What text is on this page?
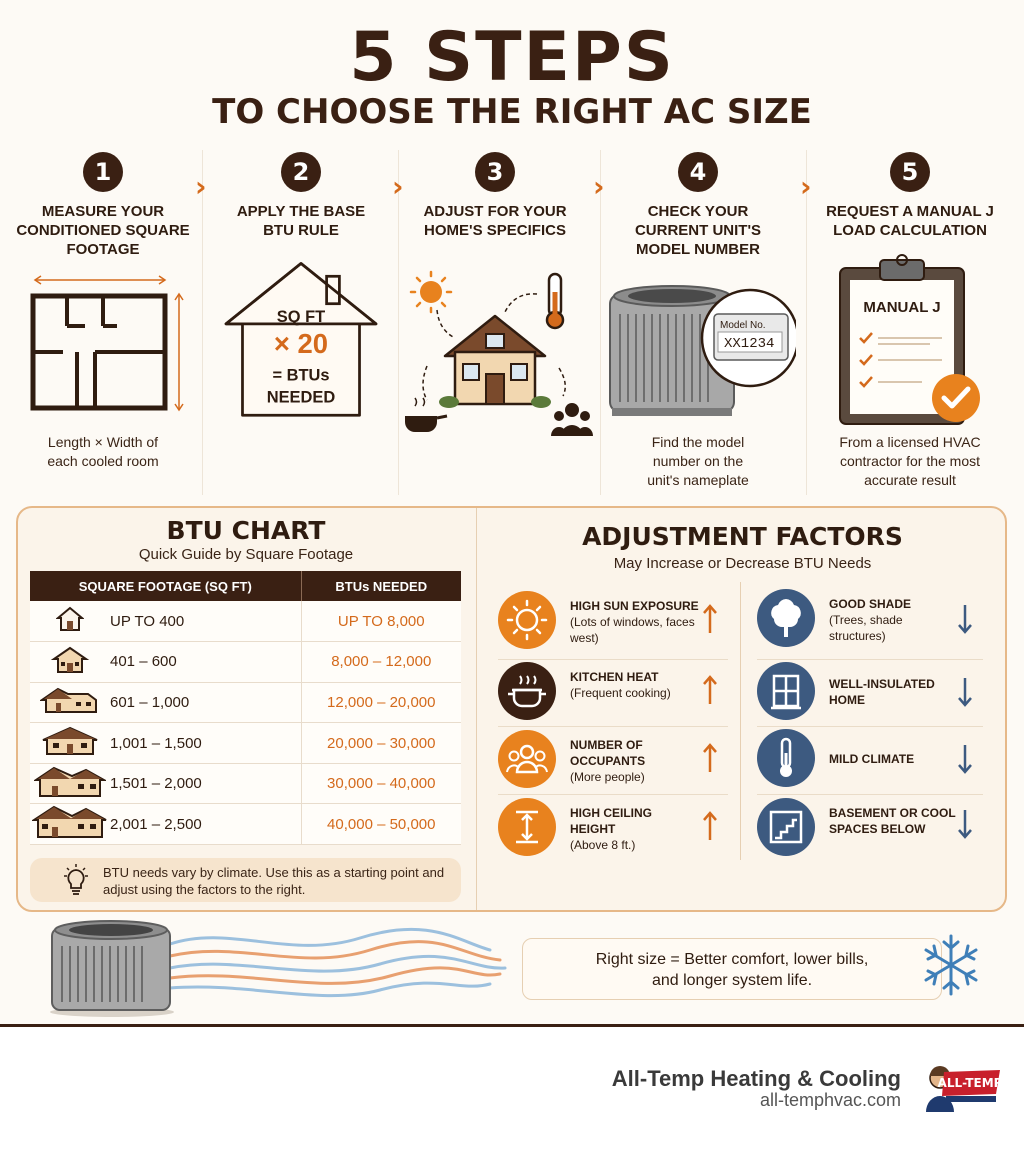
5 STEPS
TO CHOOSE THE RIGHT AC SIZE
›	›	›	›
1
MEASURE YOUR CONDITIONED SQUARE FOOTAGE
Length × Width of each cooled room
2
APPLY THE BASE BTU RULE
SQ FT
× 20
= BTUs
NEEDED
3
ADJUST FOR YOUR HOME'S SPECIFICS
4
CHECK YOUR CURRENT UNIT'S MODEL NUMBER
Model No.
XX1234
Find the model number on the unit's nameplate
5
REQUEST A MANUAL J LOAD CALCULATION
MANUAL J
From a licensed HVAC contractor for the most accurate result
BTU CHART
Quick Guide by Square Footage
SQUARE FOOTAGE (SQ FT)		BTUs NEEDED
	UP TO 400	UP TO 8,000
	401 – 600	8,000 – 12,000
	601 – 1,000	12,000 – 20,000
	1,001 – 1,500	20,000 – 30,000
	1,501 – 2,000	30,000 – 40,000
	2,001 – 2,500	40,000 – 50,000
BTU needs vary by climate. Use this as a starting point and adjust using the factors to the right.
ADJUSTMENT FACTORS
May Increase or Decrease BTU Needs
HIGH SUN EXPOSURE
(Lots of windows, faces west)
KITCHEN HEAT
(Frequent cooking)
NUMBER OF OCCUPANTS
(More people)
HIGH CEILING HEIGHT
(Above 8 ft.)
GOOD SHADE
(Trees, shade structures)
WELL-INSULATED HOME
MILD CLIMATE
BASEMENT OR COOL SPACES BELOW
Right size = Better comfort, lower bills,
and longer system life.
All-Temp Heating & Cooling
all-temphvac.com
ALL-TEMP
